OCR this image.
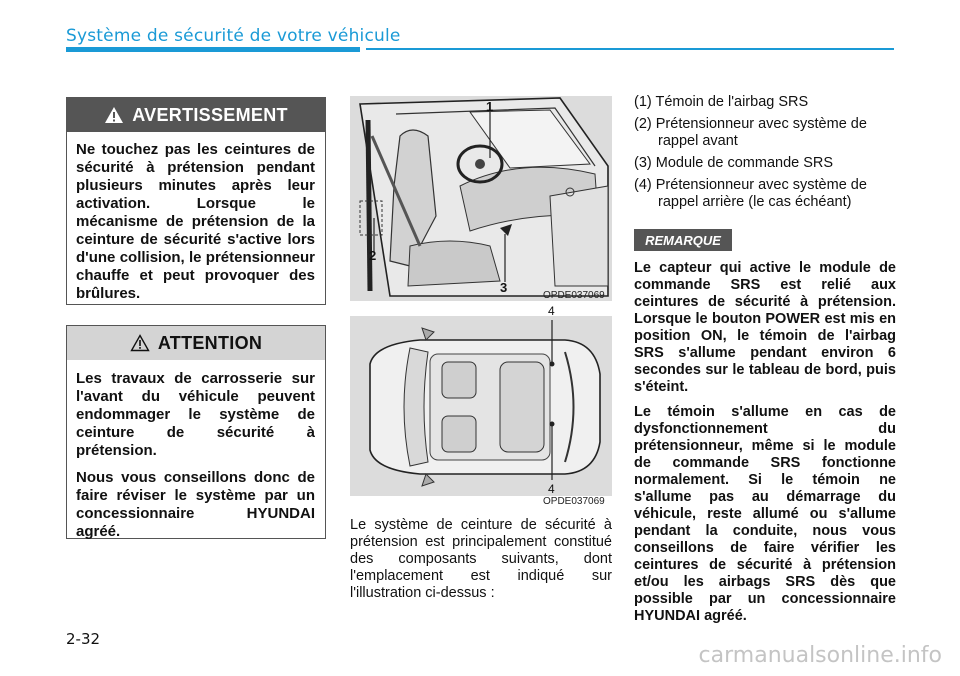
Système de sécurité de votre véhicule
AVERTISSEMENT

Ne touchez pas les ceintures de sécurité à prétension pendant plusieurs minutes après leur activation. Lorsque le mécanisme de prétension de la ceinture de sécurité s'active lors d'une collision, le prétensionneur chauffe et peut provoquer des brûlures.

ATTENTION

Les travaux de carrosserie sur l'avant du véhicule peuvent endommager le système de ceinture de sécurité à prétension.

Nous vous conseillons donc de faire réviser le système par un concessionnaire HYUNDAI agréé.

1
2
3
OPDE037069
4
4
OPDE037069
Le système de ceinture de sécurité à prétension est principalement constitué des composants suivants, dont l'emplacement est indiqué sur l'illustration ci-dessus :
(1) Témoin de l'airbag SRS
(2) Prétensionneur avec système de rappel avant
(3) Module de commande SRS
(4) Prétensionneur avec système de rappel arrière (le cas échéant)
REMARQUE

Le capteur qui active le module de commande SRS est relié aux ceintures de sécurité à prétension. Lorsque le bouton POWER est mis en position ON, le témoin de l'airbag SRS s'allume pendant environ 6 secondes sur le tableau de bord, puis s'éteint.

Le témoin s'allume en cas de dysfonctionnement du prétensionneur, même si le module de commande SRS fonctionne normalement. Si le témoin ne s'allume pas au démarrage du véhicule, reste allumé ou s'allume pendant la conduite, nous vous conseillons de faire vérifier les ceintures de sécurité à prétension et/ou les airbags SRS dès que possible par un concessionnaire HYUNDAI agréé.

2-32
carmanualsonline.info
